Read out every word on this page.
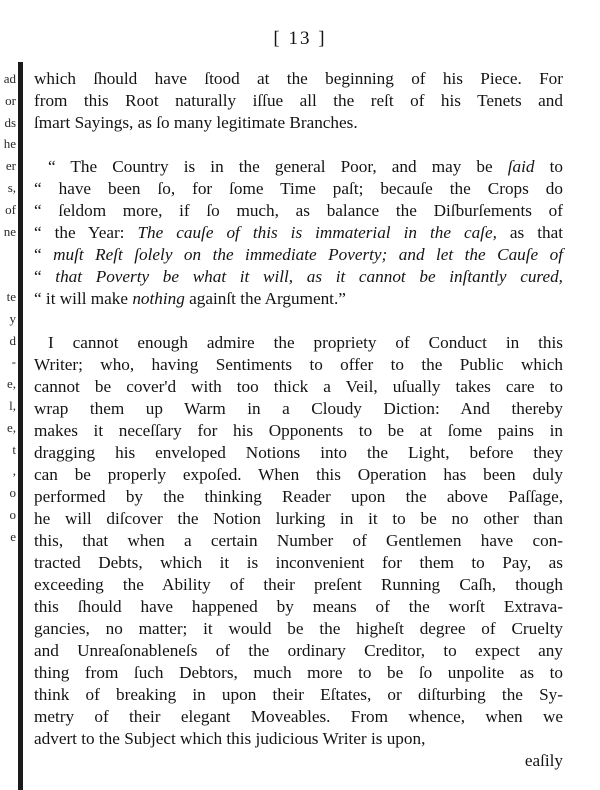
[ 13 ]
ad
or
ds
he
er
s,
of
ne
te
y
d
-
e,
l,
e,
t
,
o
o
e
which ſhould have ſtood at the beginning of his Piece. For
from this Root naturally iſſue all the reſt of his Tenets and
ſmart Sayings, as ſo many legitimate Branches.
“ The Country is in the general Poor, and may be ſaid to
“ have been ſo, for ſome Time paſt; becauſe the Crops do
“ ſeldom more, if ſo much, as balance the Diſburſements of
“ the Year: The cauſe of this is immaterial in the caſe, as that
“ muſt Reſt ſolely on the immediate Poverty; and let the Cauſe of
“ that Poverty be what it will, as it cannot be inſtantly cured,
“ it will make nothing againſt the Argument.”
I cannot enough admire the propriety of Conduct in this
Writer; who, having Sentiments to offer to the Public which
cannot be cover'd with too thick a Veil, uſually takes care to
wrap them up Warm in a Cloudy Diction: And thereby
makes it neceſſary for his Opponents to be at ſome pains in
dragging his enveloped Notions into the Light, before they
can be properly expoſed. When this Operation has been duly
performed by the thinking Reader upon the above Paſſage,
he will diſcover the Notion lurking in it to be no other than
this, that when a certain Number of Gentlemen have con-
tracted Debts, which it is inconvenient for them to Pay, as
exceeding the Ability of their preſent Running Caſh, though
this ſhould have happened by means of the worſt Extrava-
gancies, no matter; it would be the higheſt degree of Cruelty
and Unreaſonableneſs of the ordinary Creditor, to expect any
thing from ſuch Debtors, much more to be ſo unpolite as to
think of breaking in upon their Eſtates, or diſturbing the Sy-
metry of their elegant Moveables. From whence, when we
advert to the Subject which this judicious Writer is upon,
eaſily
